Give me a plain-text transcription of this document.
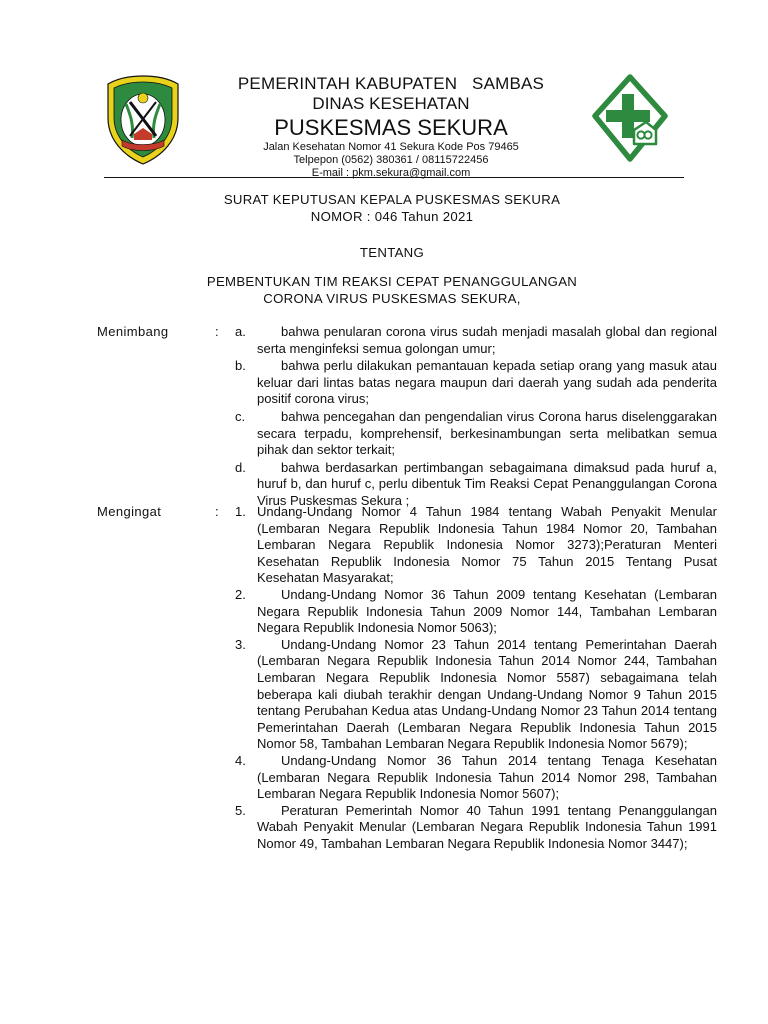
PEMERINTAH KABUPATEN   SAMBAS
DINAS KESEHATAN
PUSKESMAS SEKURA
Jalan Kesehatan Nomor 41 Sekura Kode Pos 79465
Telpepon (0562) 380361 / 08115722456
E-mail : pkm.sekura@gmail.com
SURAT KEPUTUSAN KEPALA PUSKESMAS SEKURA
NOMOR : 046 Tahun 2021
TENTANG
PEMBENTUKAN TIM REAKSI CEPAT PENANGGULANGAN
CORONA VIRUS PUSKESMAS SEKURA,
Menimbang	: a.	bahwa penularan corona virus sudah menjadi masalah global dan regional serta menginfeksi semua golongan umur;
b.	bahwa perlu dilakukan pemantauan kepada setiap orang yang masuk atau keluar dari lintas batas negara maupun dari daerah yang sudah ada penderita positif corona virus;
c.	bahwa pencegahan dan pengendalian virus Corona harus diselenggarakan secara terpadu, komprehensif, berkesinambungan serta melibatkan semua pihak dan sektor terkait;
d.	bahwa berdasarkan pertimbangan sebagaimana dimaksud pada huruf a, huruf b, dan huruf c, perlu dibentuk Tim Reaksi Cepat Penanggulangan Corona Virus Puskesmas Sekura ;
Mengingat	: 1. Undang-Undang Nomor 4 Tahun 1984 tentang Wabah Penyakit Menular (Lembaran Negara Republik Indonesia Tahun 1984 Nomor 20, Tambahan Lembaran Negara Republik Indonesia Nomor 3273);Peraturan Menteri Kesehatan Republik Indonesia Nomor 75 Tahun 2015 Tentang Pusat Kesehatan Masyarakat;
2.	Undang-Undang Nomor 36 Tahun 2009 tentang Kesehatan (Lembaran Negara Republik Indonesia Tahun 2009 Nomor 144, Tambahan Lembaran Negara Republik Indonesia Nomor 5063);
3.	Undang-Undang Nomor 23 Tahun 2014 tentang Pemerintahan Daerah (Lembaran Negara Republik Indonesia Tahun 2014 Nomor 244, Tambahan Lembaran Negara Republik Indonesia Nomor 5587) sebagaimana telah beberapa kali diubah terakhir dengan Undang-Undang Nomor 9 Tahun 2015 tentang Perubahan Kedua atas Undang-Undang Nomor 23 Tahun 2014 tentang Pemerintahan Daerah (Lembaran Negara Republik Indonesia Tahun 2015 Nomor 58, Tambahan Lembaran Negara Republik Indonesia Nomor 5679);
4.	Undang-Undang Nomor 36 Tahun 2014 tentang Tenaga Kesehatan (Lembaran Negara Republik Indonesia Tahun 2014 Nomor 298, Tambahan Lembaran Negara Republik Indonesia Nomor 5607);
5.	Peraturan Pemerintah Nomor 40 Tahun 1991 tentang Penanggulangan Wabah Penyakit Menular (Lembaran Negara Republik Indonesia Tahun 1991 Nomor 49, Tambahan Lembaran Negara Republik Indonesia Nomor 3447);
